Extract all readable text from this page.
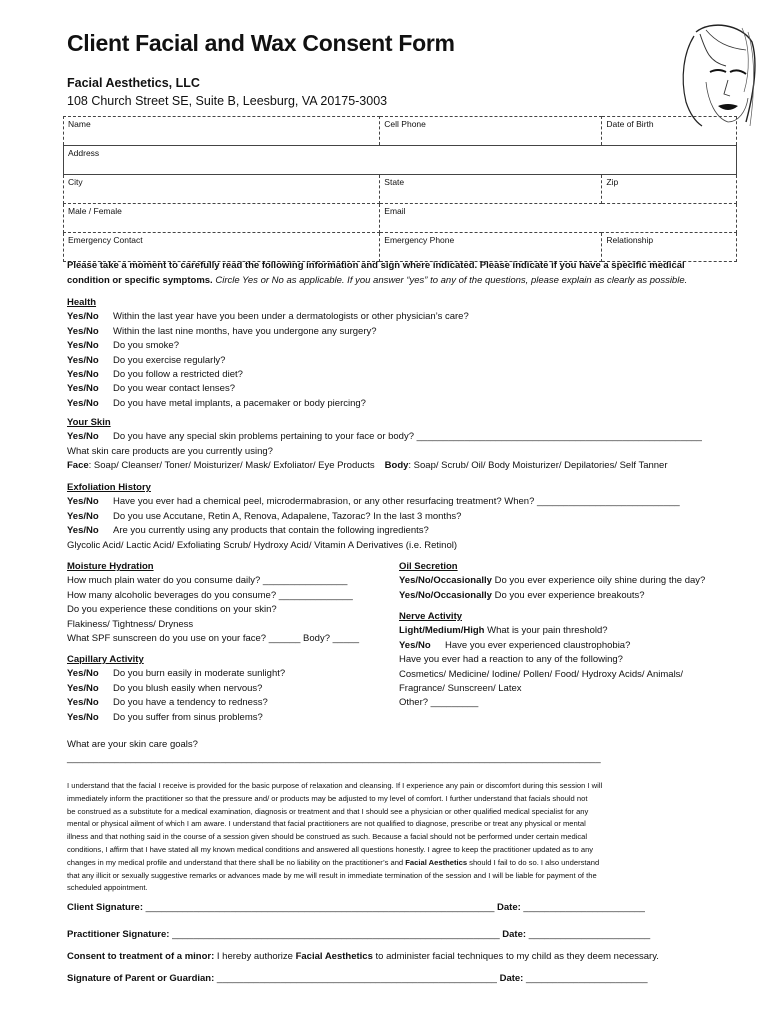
Client Facial and Wax Consent Form
Facial Aesthetics, LLC
108 Church Street SE, Suite B, Leesburg, VA 20175-3003
Name	Cell Phone	Date of Birth
Address		
City	State	Zip
Male / Female	Email	
Emergency Contact	Emergency Phone	Relationship
Please take a moment to carefully read the following information and sign where indicated. Please indicate if you have a specific medical
condition or specific symptoms. Circle Yes or No as applicable. If you answer “yes” to any of the questions, please explain as clearly as possible.
Health
Yes/No Within the last year have you been under a dermatologists or other physician’s care?
Yes/No Within the last nine months, have you undergone any surgery?
Yes/No Do you smoke?
Yes/No Do you exercise regularly?
Yes/No Do you follow a restricted diet?
Yes/No Do you wear contact lenses?
Yes/No Do you have metal implants, a pacemaker or body piercing?
Your Skin
Yes/No Do you have any special skin problems pertaining to your face or body? ______________________________________________________
What skin care products are you currently using?
Face: Soap/ Cleanser/ Toner/ Moisturizer/ Mask/ Exfoliator/ Eye Products Body: Soap/ Scrub/ Oil/ Body Moisturizer/ Depilatories/ Self Tanner
Exfoliation History
Yes/No Have you ever had a chemical peel, microdermabrasion, or any other resurfacing treatment? When? ___________________________
Yes/No Do you use Accutane, Retin A, Renova, Adapalene, Tazorac? In the last 3 months?
Yes/No Are you currently using any products that contain the following ingredients?
Glycolic Acid/ Lactic Acid/ Exfoliating Scrub/ Hydroxy Acid/ Vitamin A Derivatives (i.e. Retinol)
Moisture Hydration
How much plain water do you consume daily? ________________
How many alcoholic beverages do you consume? ______________
Do you experience these conditions on your skin?
Flakiness/ Tightness/ Dryness
What SPF sunscreen do you use on your face? ______ Body? _____
Capillary Activity
Yes/No Do you burn easily in moderate sunlight?
Yes/No Do you blush easily when nervous?
Yes/No Do you have a tendency to redness?
Yes/No Do you suffer from sinus problems?
Oil Secretion
Yes/No/Occasionally Do you ever experience oily shine during the day?
Yes/No/Occasionally Do you ever experience breakouts?
Nerve Activity
Light/Medium/High What is your pain threshold?
Yes/No Have you ever experienced claustrophobia?
Have you ever had a reaction to any of the following?
Cosmetics/ Medicine/ Iodine/ Pollen/ Food/ Hydroxy Acids/ Animals/
Fragrance/ Sunscreen/ Latex
Other? _________
What are your skin care goals?
_____________________________________________________________________________________________________
I understand that the facial I receive is provided for the basic purpose of relaxation and cleansing. If I experience any pain or discomfort during this session I will
immediately inform the practitioner so that the pressure and/ or products may be adjusted to my level of comfort. I further understand that facials should not
be construed as a substitute for a medical examination, diagnosis or treatment and that I should see a physician or other qualified medical specialist for any
mental or physical ailment of which I am aware. I understand that facial practitioners are not qualified to diagnose, prescribe or treat any physical or mental
illness and that nothing said in the course of a session given should be construed as such. Because a facial should not be performed under certain medical
conditions, I affirm that I have stated all my known medical conditions and answered all questions honestly. I agree to keep the practitioner updated as to any
changes in my medical profile and understand that there shall be no liability on the practitioner’s and Facial Aesthetics should I fail to do so. I also understand
that any illicit or sexually suggestive remarks or advances made by me will result in immediate termination of the session and I will be liable for payment of the
scheduled appointment.
Client Signature: __________________________________________________________________ Date: _______________________
Practitioner Signature: ______________________________________________________________ Date: _______________________
Consent to treatment of a minor: I hereby authorize Facial Aesthetics to administer facial techniques to my child as they deem necessary.
Signature of Parent or Guardian: _____________________________________________________ Date: _______________________
